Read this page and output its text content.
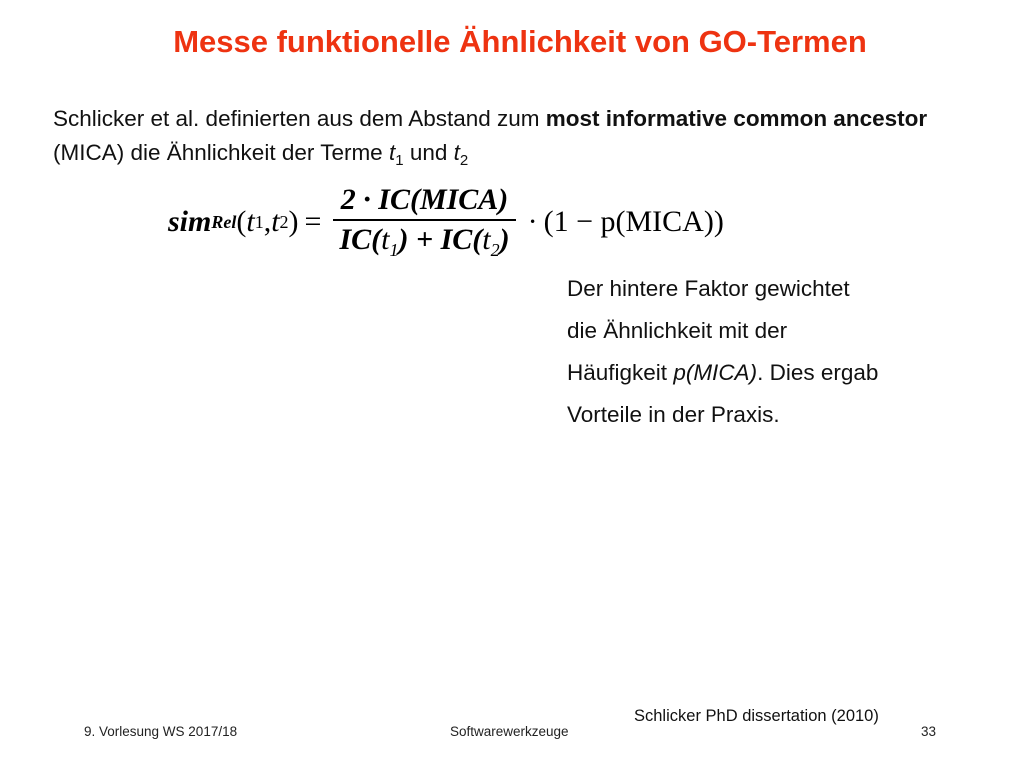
Messe funktionelle Ähnlichkeit von GO-Termen
Schlicker et al. definierten aus dem Abstand zum most informative common ancestor (MICA) die Ähnlichkeit der Terme $t_1$ und $t_2$
sim Rel ( t 1 , t 2 ) = $\frac{\text{2 · IC(MICA)}}{IC(t_1) + IC(t_2)} \cdot (1$ − p(MICA))
Der hintere Faktor gewichtet
die Ähnlichkeit mit der
Häufigkeit p(MICA). Dies ergab
Vorteile in der Praxis.
Schlicker PhD dissertation (2010)
9. Vorlesung WS 2017/18	Softwarewerkzeuge	33
